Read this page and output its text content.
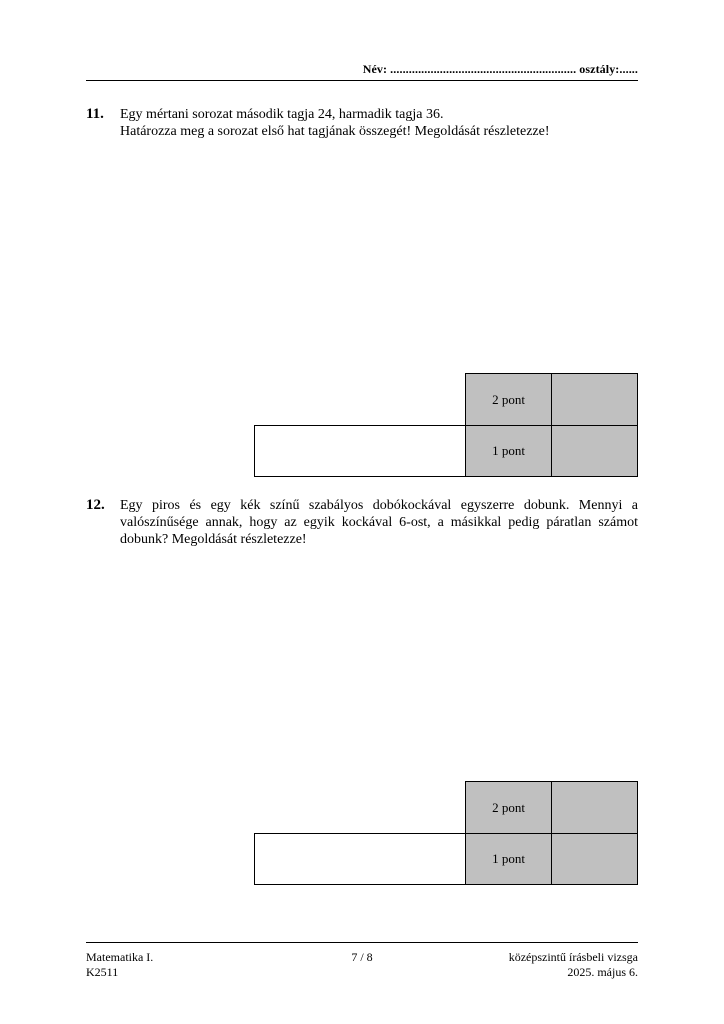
Név: ............................................................ osztály:......
11. Egy mértani sorozat második tagja 24, harmadik tagja 36.
Határozza meg a sorozat első hat tagjának összegét! Megoldását részletezze!
2 pont
1 pont
12. Egy piros és egy kék színű szabályos dobókockával egyszerre dobunk. Mennyi a valószínűsége annak, hogy az egyik kockával 6-ost, a másikkal pedig páratlan számot dobunk? Megoldását részletezze!
2 pont
1 pont
Matematika I.
K2511
7 / 8	középszintű írásbeli vizsga
2025. május 6.
